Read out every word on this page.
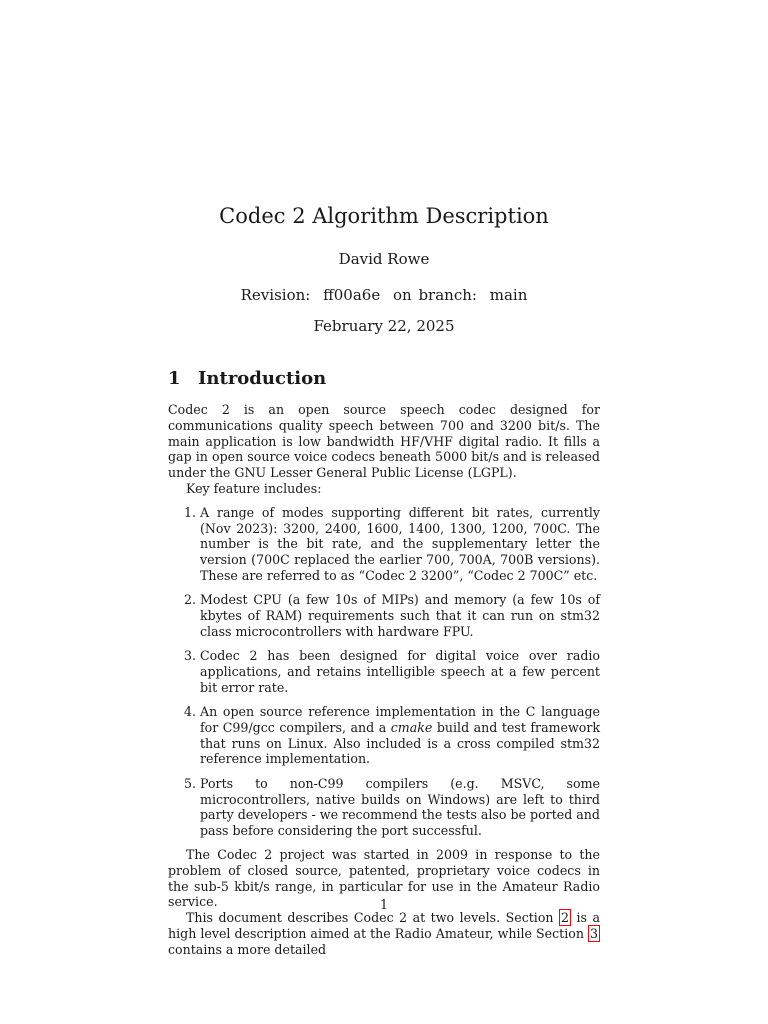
Codec 2 Algorithm Description
David Rowe
Revision: ff00a6e on branch: main
February 22, 2025
1 Introduction

Codec 2 is an open source speech codec designed for communications quality speech between 700 and 3200 bit/s. The main application is low bandwidth HF/VHF digital radio. It fills a gap in open source voice codecs beneath 5000 bit/s and is released under the GNU Lesser General Public License (LGPL).

Key feature includes:

1. A range of modes supporting different bit rates, currently (Nov 2023): 3200, 2400, 1600, 1400, 1300, 1200, 700C. The number is the bit rate, and the supplementary letter the version (700C replaced the earlier 700, 700A, 700B versions). These are referred to as “Codec 2 3200”, “Codec 2 700C” etc.
2. Modest CPU (a few 10s of MIPs) and memory (a few 10s of kbytes of RAM) requirements such that it can run on stm32 class microcontrollers with hardware FPU.
3. Codec 2 has been designed for digital voice over radio applications, and retains intelligible speech at a few percent bit error rate.
4. An open source reference implementation in the C language for C99/gcc compilers, and a cmake build and test framework that runs on Linux. Also included is a cross compiled stm32 reference implementation.
5. Ports to non-C99 compilers (e.g. MSVC, some microcontrollers, native builds on Windows) are left to third party developers - we recommend the tests also be ported and pass before considering the port successful.

The Codec 2 project was started in 2009 in response to the problem of closed source, patented, proprietary voice codecs in the sub-5 kbit/s range, in particular for use in the Amateur Radio service.

This document describes Codec 2 at two levels. Section 2 is a high level description aimed at the Radio Amateur, while Section 3 contains a more detailed

1
